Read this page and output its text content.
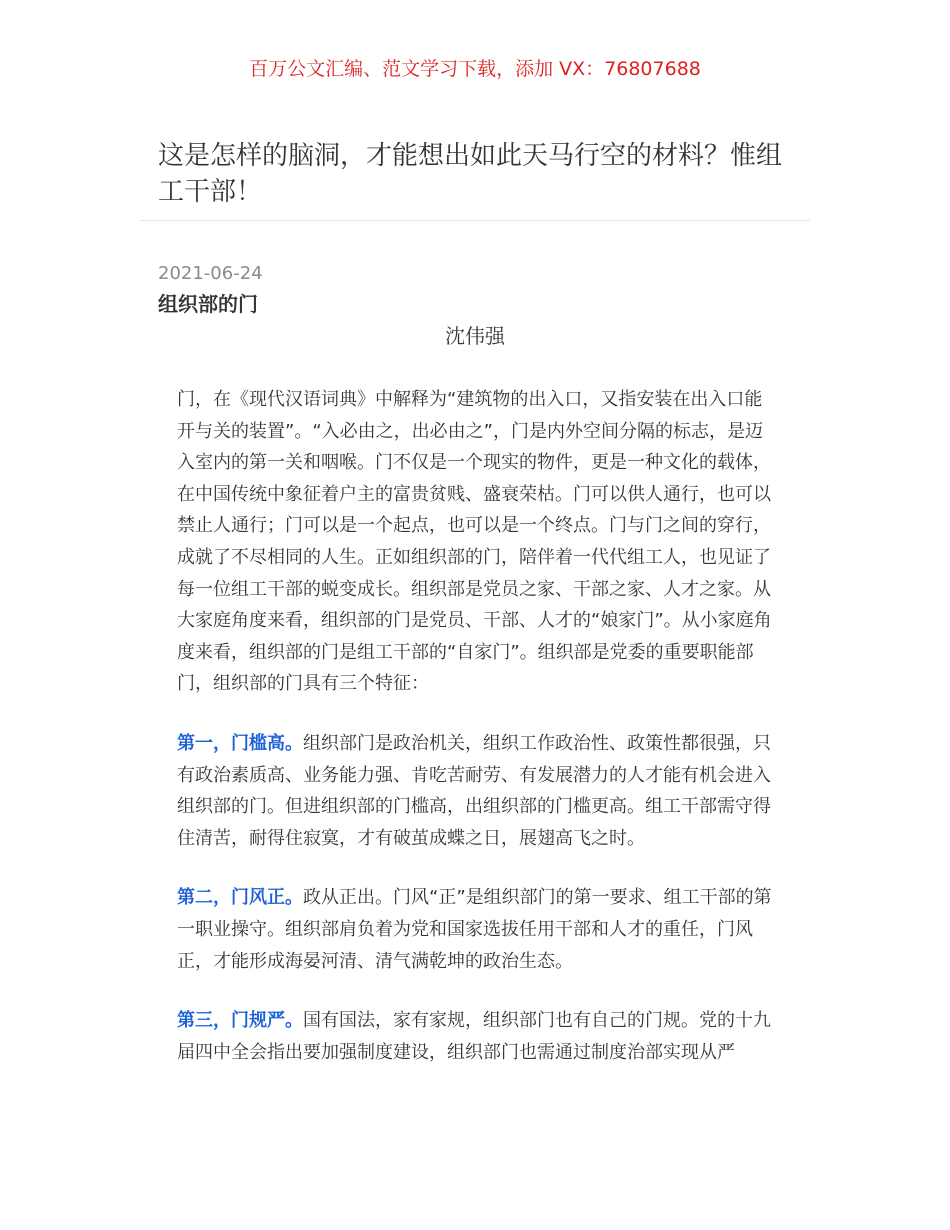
百万公文汇编、范文学习下载，添加 VX：76807688
这是怎样的脑洞，才能想出如此天马行空的材料？惟组工干部！
2021-06-24
组织部的门
沈伟强

门，在《现代汉语词典》中解释为“建筑物的出入口，又指安装在出入口能开与关的装置”。“入必由之，出必由之”，门是内外空间分隔的标志，是迈入室内的第一关和咽喉。门不仅是一个现实的物件，更是一种文化的载体，在中国传统中象征着户主的富贵贫贱、盛衰荣枯。门可以供人通行，也可以禁止人通行；门可以是一个起点，也可以是一个终点。门与门之间的穿行，成就了不尽相同的人生。正如组织部的门，陪伴着一代代组工人，也见证了每一位组工干部的蜕变成长。组织部是党员之家、干部之家、人才之家。从大家庭角度来看，组织部的门是党员、干部、人才的“娘家门”。从小家庭角度来看，组织部的门是组工干部的“自家门”。组织部是党委的重要职能部门，组织部的门具有三个特征：

第一，门槛高。组织部门是政治机关，组织工作政治性、政策性都很强，只有政治素质高、业务能力强、肯吃苦耐劳、有发展潜力的人才能有机会进入组织部的门。但进组织部的门槛高，出组织部的门槛更高。组工干部需守得住清苦，耐得住寂寞，才有破茧成蝶之日，展翅高飞之时。

第二，门风正。政从正出。门风“正”是组织部门的第一要求、组工干部的第一职业操守。组织部肩负着为党和国家选拔任用干部和人才的重任，门风正，才能形成海晏河清、清气满乾坤的政治生态。

第三，门规严。国有国法，家有家规，组织部门也有自己的门规。党的十九届四中全会指出要加强制度建设，组织部门也需通过制度治部实现从严
